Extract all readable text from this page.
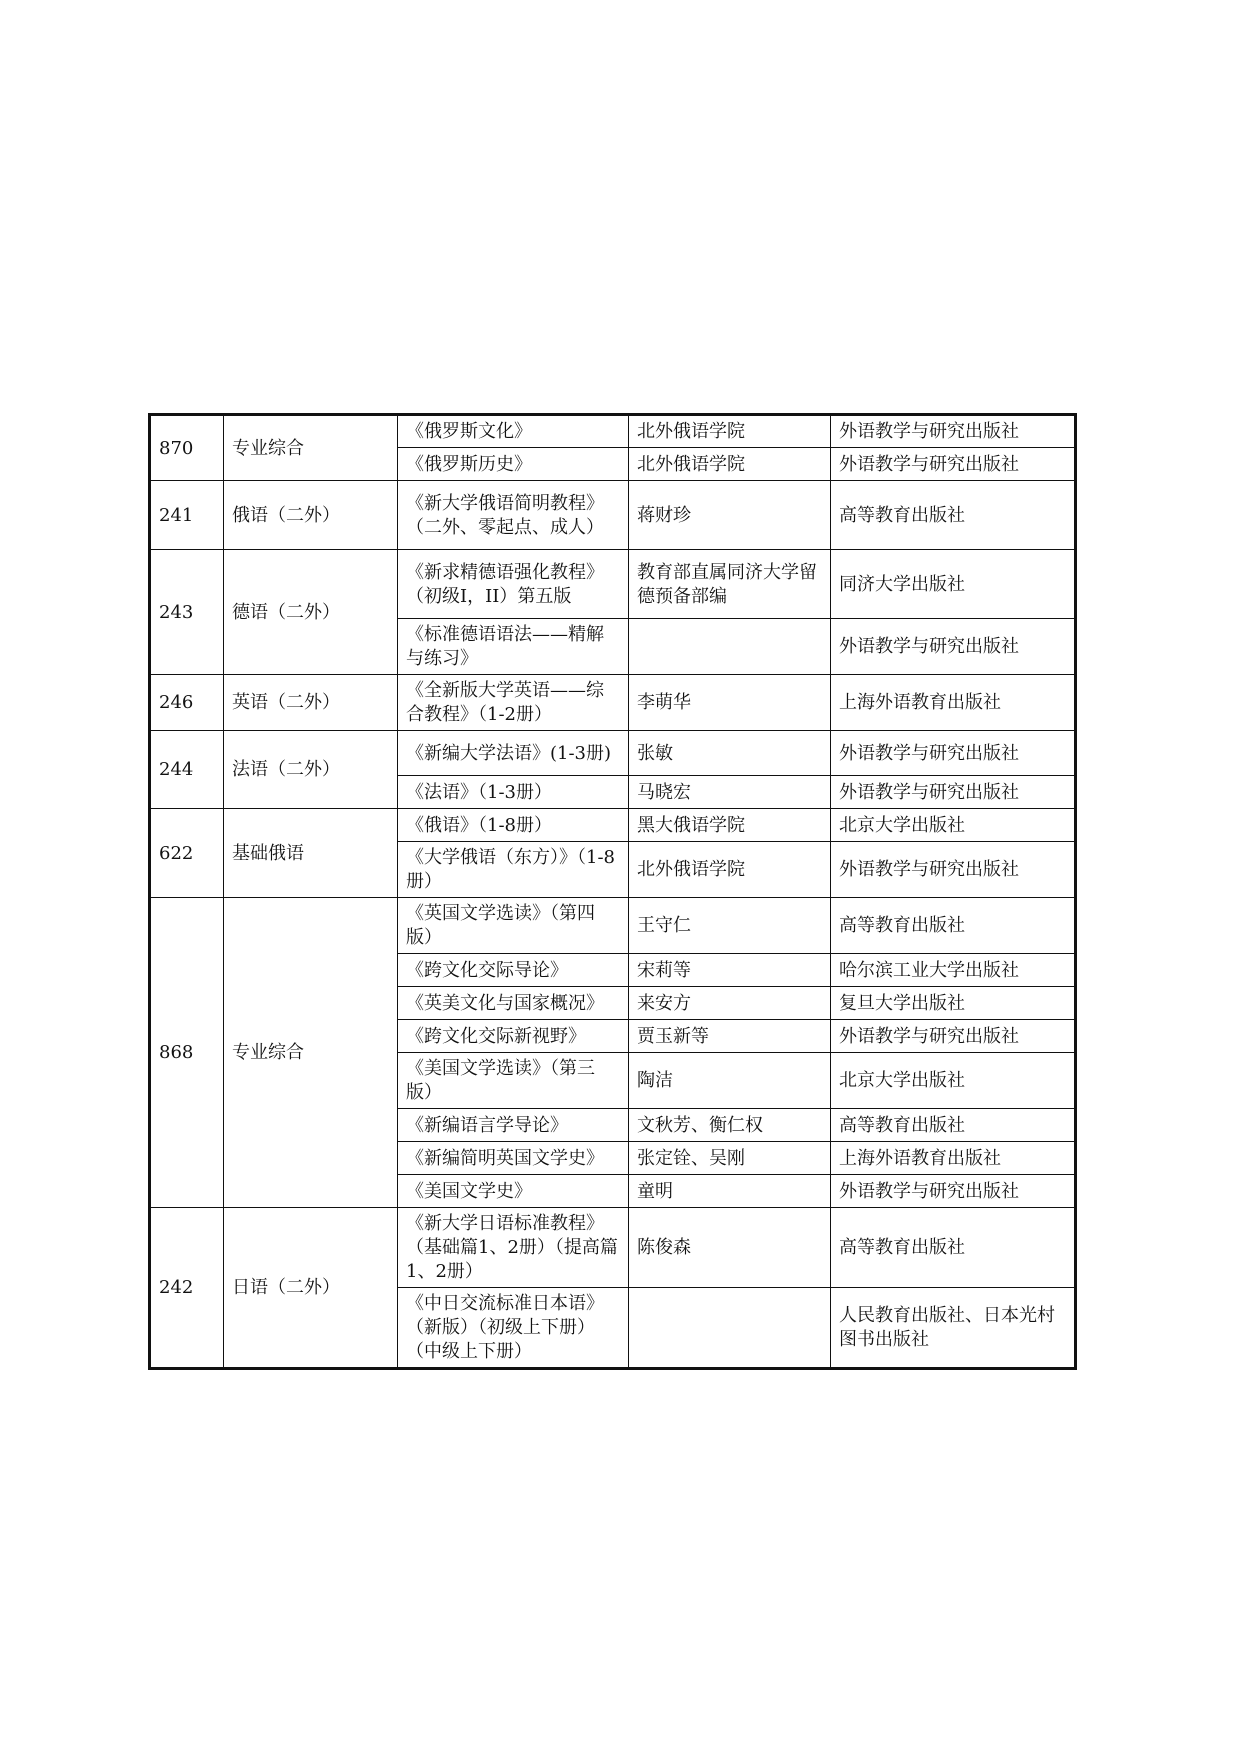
870	专业综合	《俄罗斯文化》	北外俄语学院	外语教学与研究出版社
		《俄罗斯历史》	北外俄语学院	外语教学与研究出版社
241	俄语（二外）	《新大学俄语简明教程》（二外、零起点、成人）	蒋财珍	高等教育出版社
243	德语（二外）	《新求精德语强化教程》（初级I，II）第五版	教育部直属同济大学留德预备部编	同济大学出版社
		《标准德语语法——精解与练习》		外语教学与研究出版社
246	英语（二外）	《全新版大学英语——综合教程》（1-2册）	李萌华	上海外语教育出版社
244	法语（二外）	《新编大学法语》(1-3册)	张敏	外语教学与研究出版社
		《法语》（1-3册）	马晓宏	外语教学与研究出版社
622	基础俄语	《俄语》（1-8册）	黑大俄语学院	北京大学出版社
		《大学俄语（东方）》（1-8册）	北外俄语学院	外语教学与研究出版社
868	专业综合	《英国文学选读》（第四版）	王守仁	高等教育出版社
		《跨文化交际导论》	宋莉等	哈尔滨工业大学出版社
		《英美文化与国家概况》	来安方	复旦大学出版社
		《跨文化交际新视野》	贾玉新等	外语教学与研究出版社
		《美国文学选读》（第三版）	陶洁	北京大学出版社
		《新编语言学导论》	文秋芳、衡仁权	高等教育出版社
		《新编简明英国文学史》	张定铨、吴刚	上海外语教育出版社
		《美国文学史》	童明	外语教学与研究出版社
242	日语（二外）	《新大学日语标准教程》（基础篇1、2册）（提高篇1、2册）	陈俊森	高等教育出版社
		《中日交流标准日本语》（新版）（初级上下册）（中级上下册）		人民教育出版社、日本光村图书出版社
